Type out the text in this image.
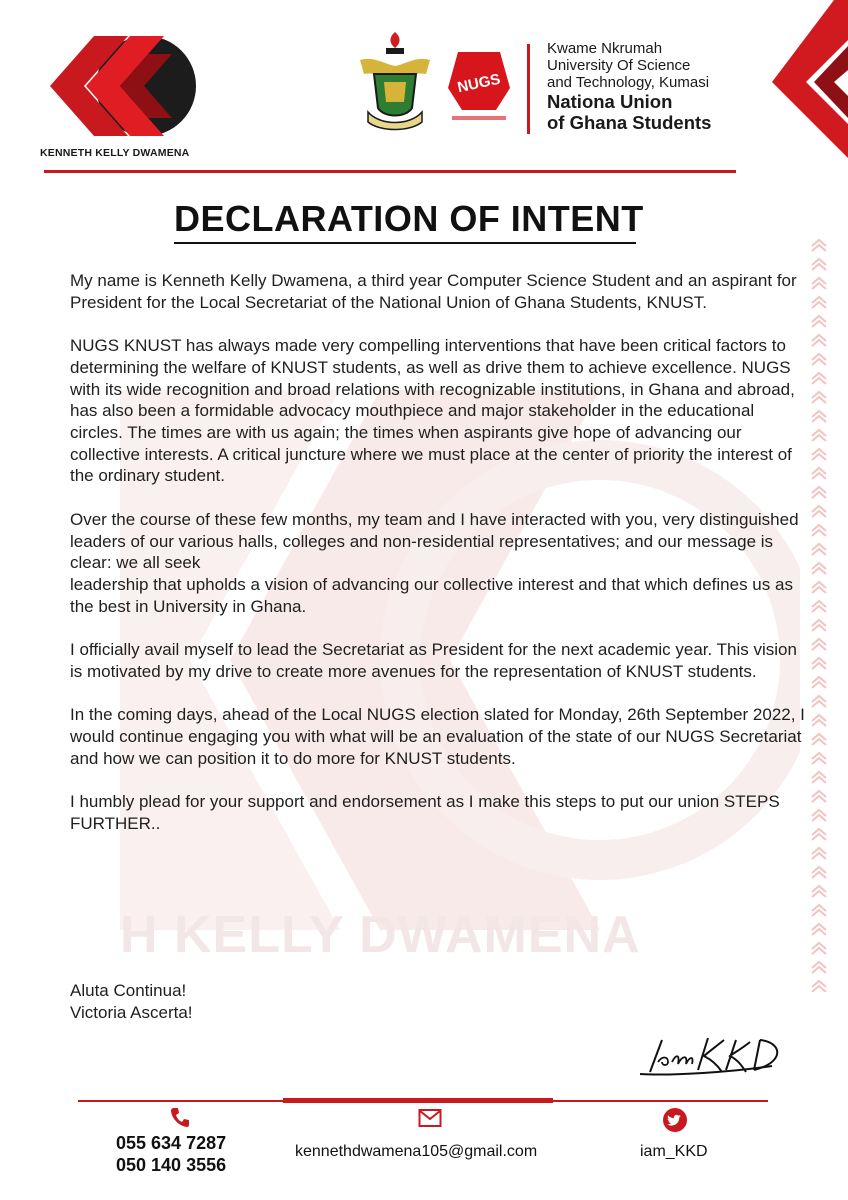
H KELLY DWAMENA
KENNETH KELLY DWAMENA
NUGS
Kwame Nkrumah
University Of Science
and Technology, Kumasi
Nationa Union
of Ghana Students
DECLARATION OF INTENT

My name is Kenneth Kelly Dwamena, a third year Computer Science Student and an aspirant for President for the Local Secretariat of the National Union of Ghana Students, KNUST.

NUGS KNUST has always made very compelling interventions that have been critical factors to determining the welfare of KNUST students, as well as drive them to achieve excellence. NUGS with its wide recognition and broad relations with recognizable institutions, in Ghana and abroad, has also been a formidable advocacy mouthpiece and major stakeholder in the educational circles. The times are with us again; the times when aspirants give hope of advancing our collective interests. A critical juncture where we must place at the center of priority the interest of the ordinary student.

Over the course of these few months, my team and I have interacted with you, very distinguished leaders of our various halls, colleges and non-residential representatives; and our message is clear: we all seek
leadership that upholds a vision of advancing our collective interest and that which defines us as the best in University in Ghana.

I officially avail myself to lead the Secretariat as President for the next academic year. This vision is motivated by my drive to create more avenues for the representation of KNUST students.

In the coming days, ahead of the Local NUGS election slated for Monday, 26th September 2022, I would continue engaging you with what will be an evaluation of the state of our NUGS Secretariat and how we can position it to do more for KNUST students.

I humbly plead for your support and endorsement as I make this steps to put our union STEPS FURTHER..

Aluta Continua!
Victoria Ascerta!
055 634 7287
050 140 3556
kennethdwamena105@gmail.com	iam_KKD
